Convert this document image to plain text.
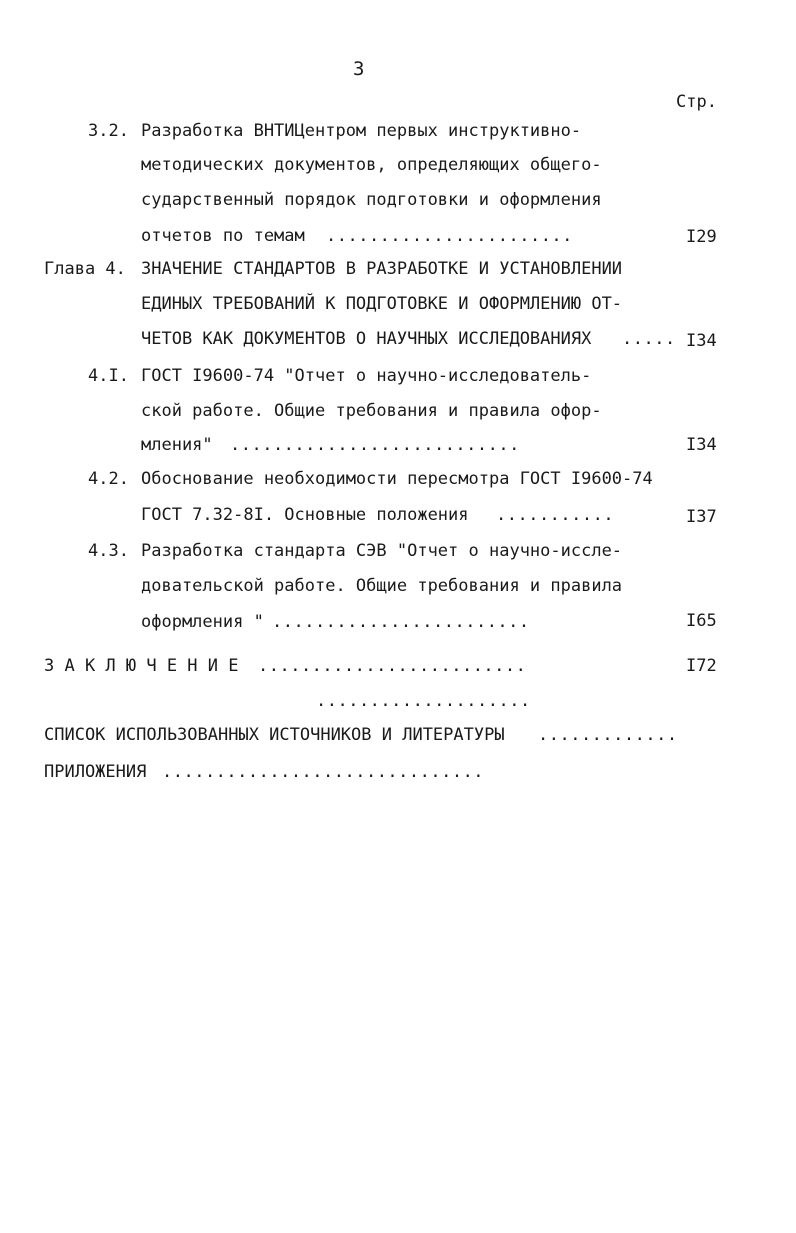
3
Стр.
3.2. Разработка ВНТИЦентром первых инструктивно-
методических документов, определяющих общего-
сударственный порядок подготовки и оформления
отчетов по темам .......................	I29
Глава 4. ЗНАЧЕНИЕ СТАНДАРТОВ В РАЗРАБОТКЕ И УСТАНОВЛЕНИИ
ЕДИНЫХ ТРЕБОВАНИЙ К ПОДГОТОВКЕ И ОФОРМЛЕНИЮ ОТ-
ЧЕТОВ КАК ДОКУМЕНТОВ О НАУЧНЫХ ИССЛЕДОВАНИЯХ ..... I34
4.I. ГОСТ I9600-74 "Отчет о научно-исследователь-
ской работе. Общие требования и правила офор-
мления" ...........................	I34
4.2. Обоснование необходимости пересмотра ГОСТ I9600-74
ГОСТ 7.32-8I. Основные положения ...........	I37
4.3. Разработка стандарта СЭВ "Отчет о научно-иссле-
довательской работе. Общие требования и правила
оформления " ........................	I65
З А К Л Ю Ч Е Н И Е .........................	I72
....................
СПИСОК ИСПОЛЬЗОВАННЫХ ИСТОЧНИКОВ И ЛИТЕРАТУРЫ .............
ПРИЛОЖЕНИЯ ..............................
